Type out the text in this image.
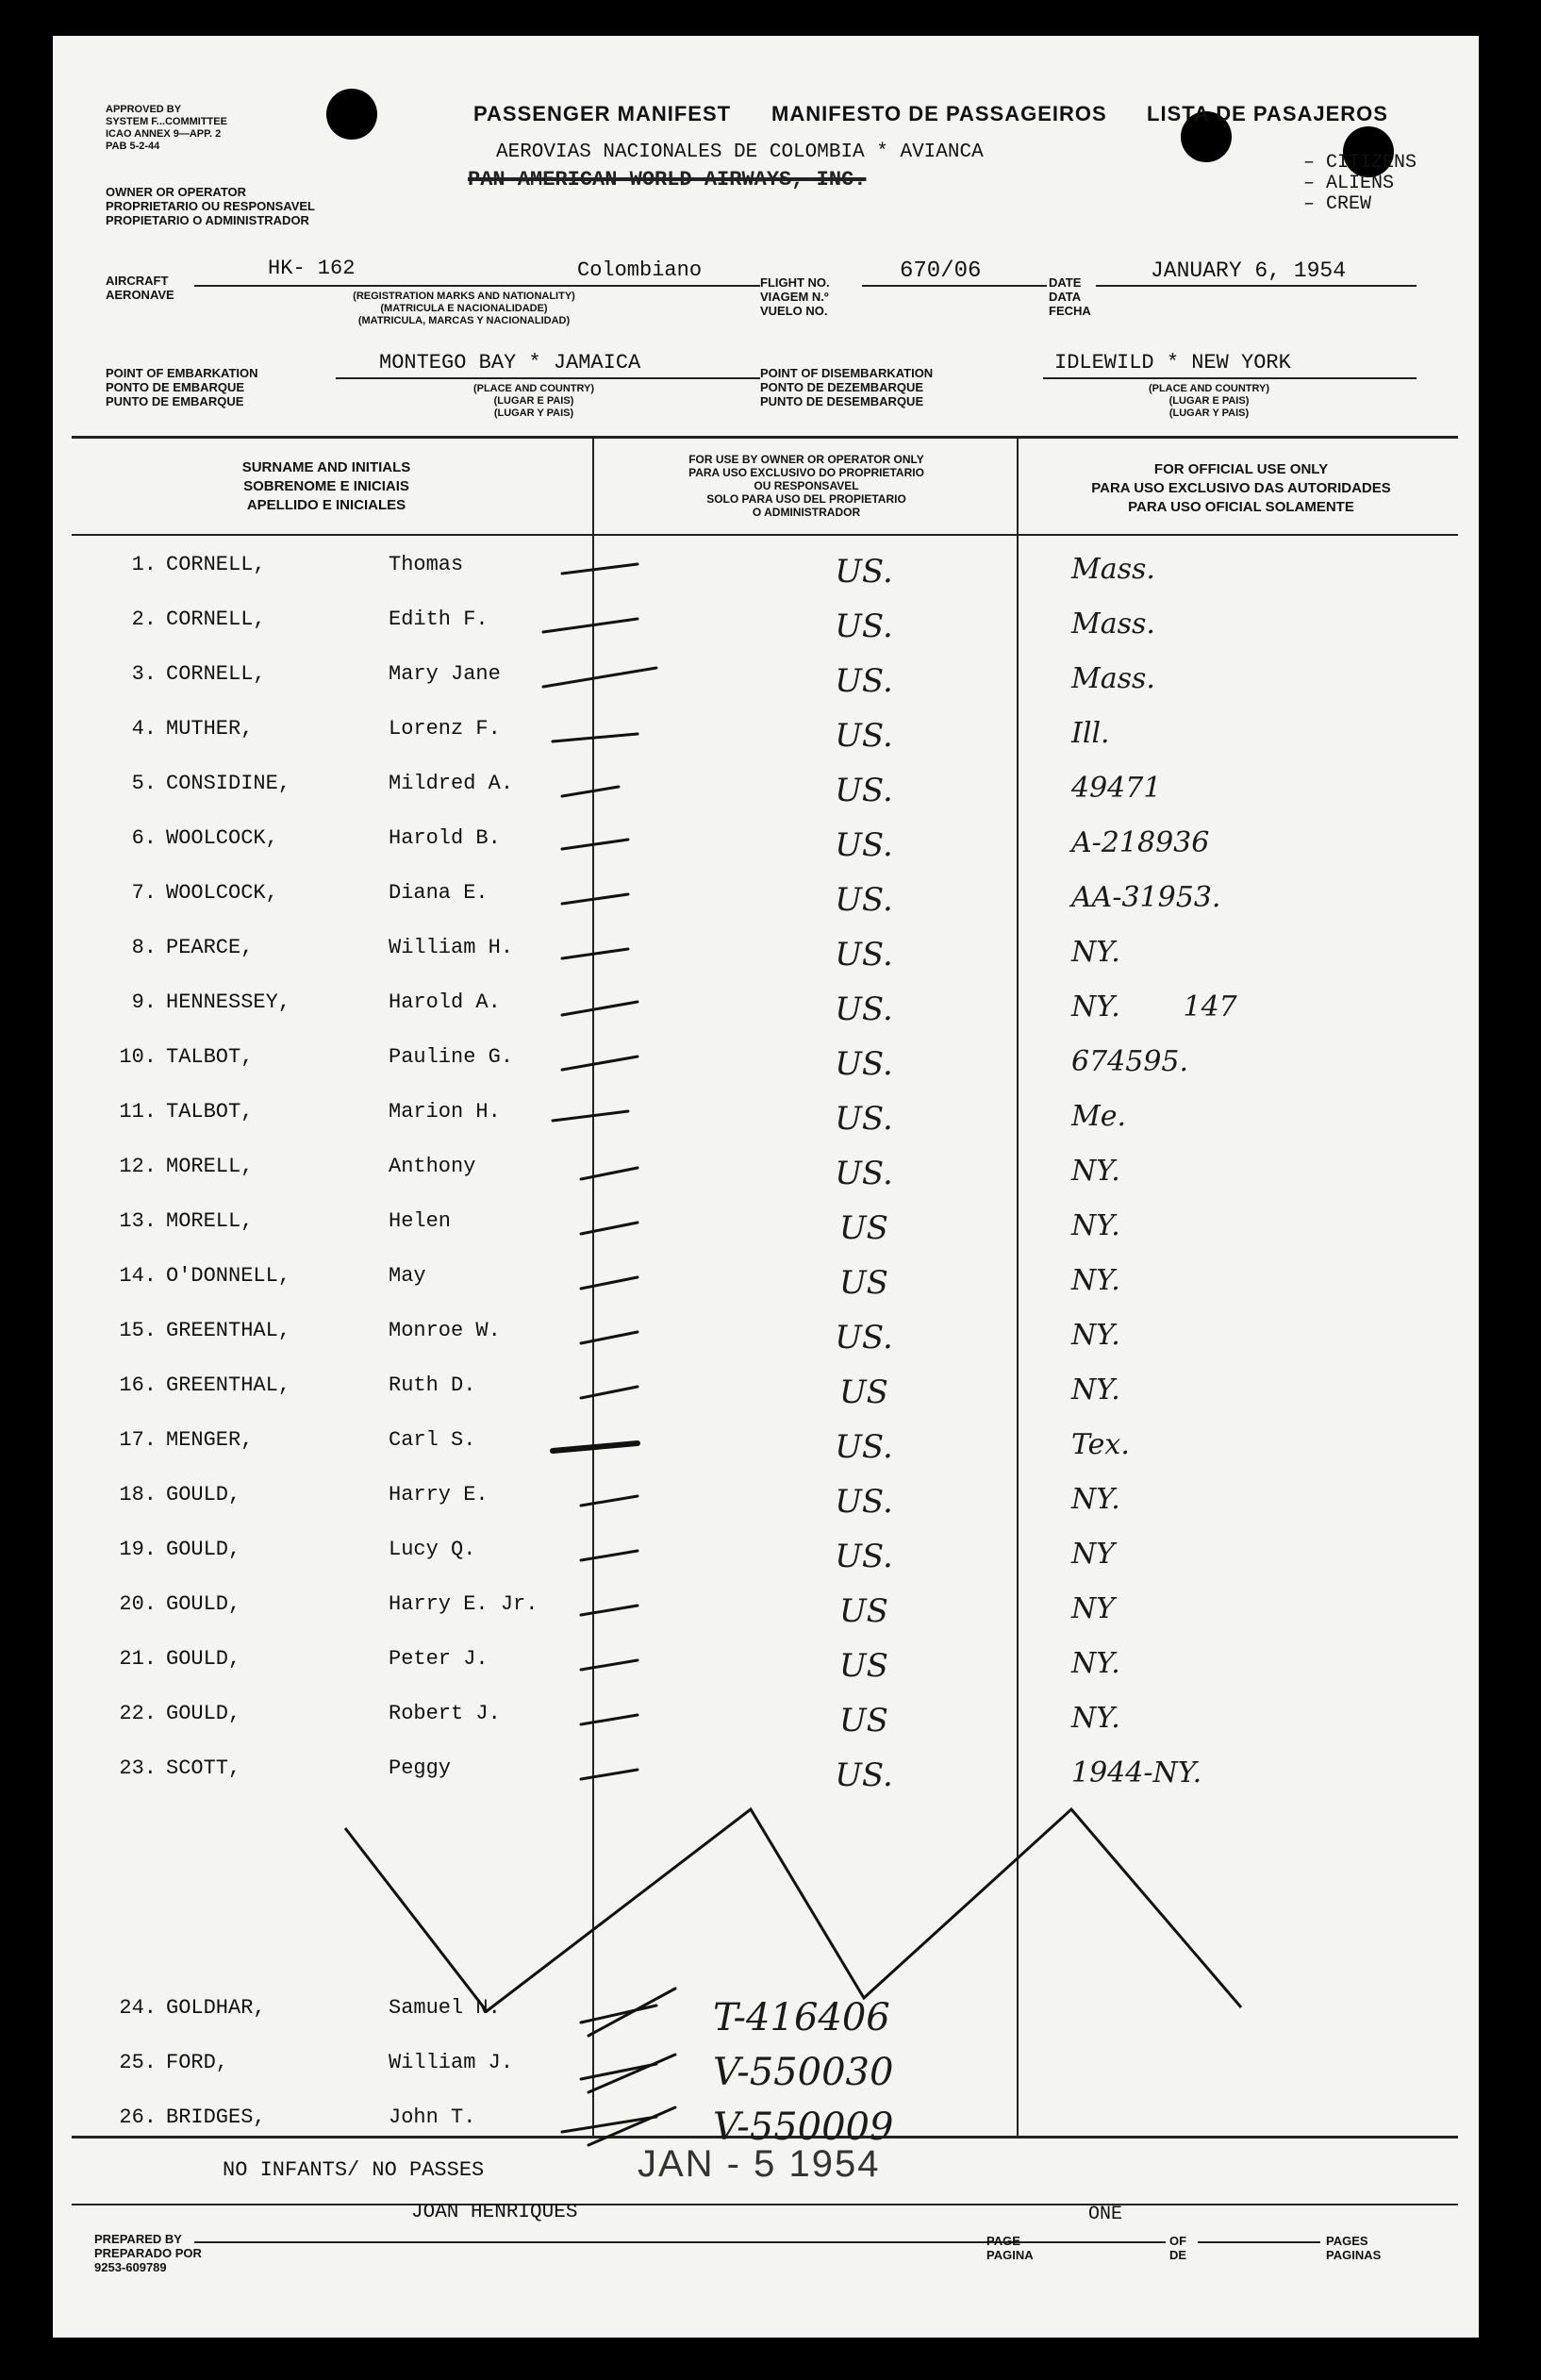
APPROVED BY
SYSTEM F...COMMITTEE
ICAO ANNEX 9—APP. 2
PAB 5-2-44
OWNER OR OPERATOR
PROPRIETARIO OU RESPONSAVEL
PROPIETARIO O ADMINISTRADOR
PASSENGER MANIFEST MANIFESTO DE PASSAGEIROS LISTA DE PASAJEROS
AEROVIAS NACIONALES DE COLOMBIA * AVIANCA
PAN AMERICAN WORLD AIRWAYS, INC.
– CITIZENS
– ALIENS
– CREW
AIRCRAFT
AERONAVE
HK- 162	Colombiano
(REGISTRATION MARKS AND NATIONALITY)
(MATRICULA E NACIONALIDADE)
(MATRICULA, MARCAS Y NACIONALIDAD)
FLIGHT NO.
VIAGEM N.º
VUELO NO.
670/06	DATE
DATA
FECHA
JANUARY 6, 1954
POINT OF EMBARKATION
PONTO DE EMBARQUE
PUNTO DE EMBARQUE
MONTEGO BAY * JAMAICA
(PLACE AND COUNTRY)
(LUGAR E PAIS)
(LUGAR Y PAIS)
POINT OF DISEMBARKATION
PONTO DE DEZEMBARQUE
PUNTO DE DESEMBARQUE
IDLEWILD * NEW YORK
(PLACE AND COUNTRY)
(LUGAR E PAIS)
(LUGAR Y PAIS)
SURNAME AND INITIALS
SOBRENOME E INICIAIS
APELLIDO E INICIALES
FOR USE BY OWNER OR OPERATOR ONLY
PARA USO EXCLUSIVO DO PROPRIETARIO
OU RESPONSAVEL
SOLO PARA USO DEL PROPIETARIO
O ADMINISTRADOR
FOR OFFICIAL USE ONLY
PARA USO EXCLUSIVO DAS AUTORIDADES
PARA USO OFICIAL SOLAMENTE
1. CORNELL,	Thomas	US.	Mass.
2. CORNELL,	Edith F.	US.	Mass.
3. CORNELL,	Mary Jane	US.	Mass.
4. MUTHER,	Lorenz F.	US.	Ill.
5. CONSIDINE,	Mildred A.	US.	49471
6. WOOLCOCK,	Harold B.	US.	A-218936
7. WOOLCOCK,	Diana E.	US.	AA-31953.
8. PEARCE,	William H.	US.	NY.
9. HENNESSEY,	Harold A.	US.	NY.       147
10. TALBOT,	Pauline G.	US.	674595.
11. TALBOT,	Marion H.	US.	Me.
12. MORELL,	Anthony	US.	NY.
13. MORELL,	Helen	US	NY.
14. O'DONNELL,	May	US	NY.
15. GREENTHAL,	Monroe W.	US.	NY.
16. GREENTHAL,	Ruth D.	US	NY.
17. MENGER,	Carl S.	US.	Tex.
18. GOULD,	Harry E.	US.	NY.
19. GOULD,	Lucy Q.	US.	NY
20. GOULD,	Harry E. Jr.	US	NY
21. GOULD,	Peter J.	US	NY.
22. GOULD,	Robert J.	US	NY.
23. SCOTT,	Peggy	US.	1944-NY.
24. GOLDHAR,	Samuel N.	T-416406
25. FORD,	William J.	V-550030
26. BRIDGES,	John T.	V-550009
NO INFANTS/ NO PASSES	JAN - 5 1954
JOAN HENRIQUES
PREPARED BY
PREPARADO POR
9253-609789
PAGE
PAGINA
ONE
OF
DE
PAGES
PAGINAS
